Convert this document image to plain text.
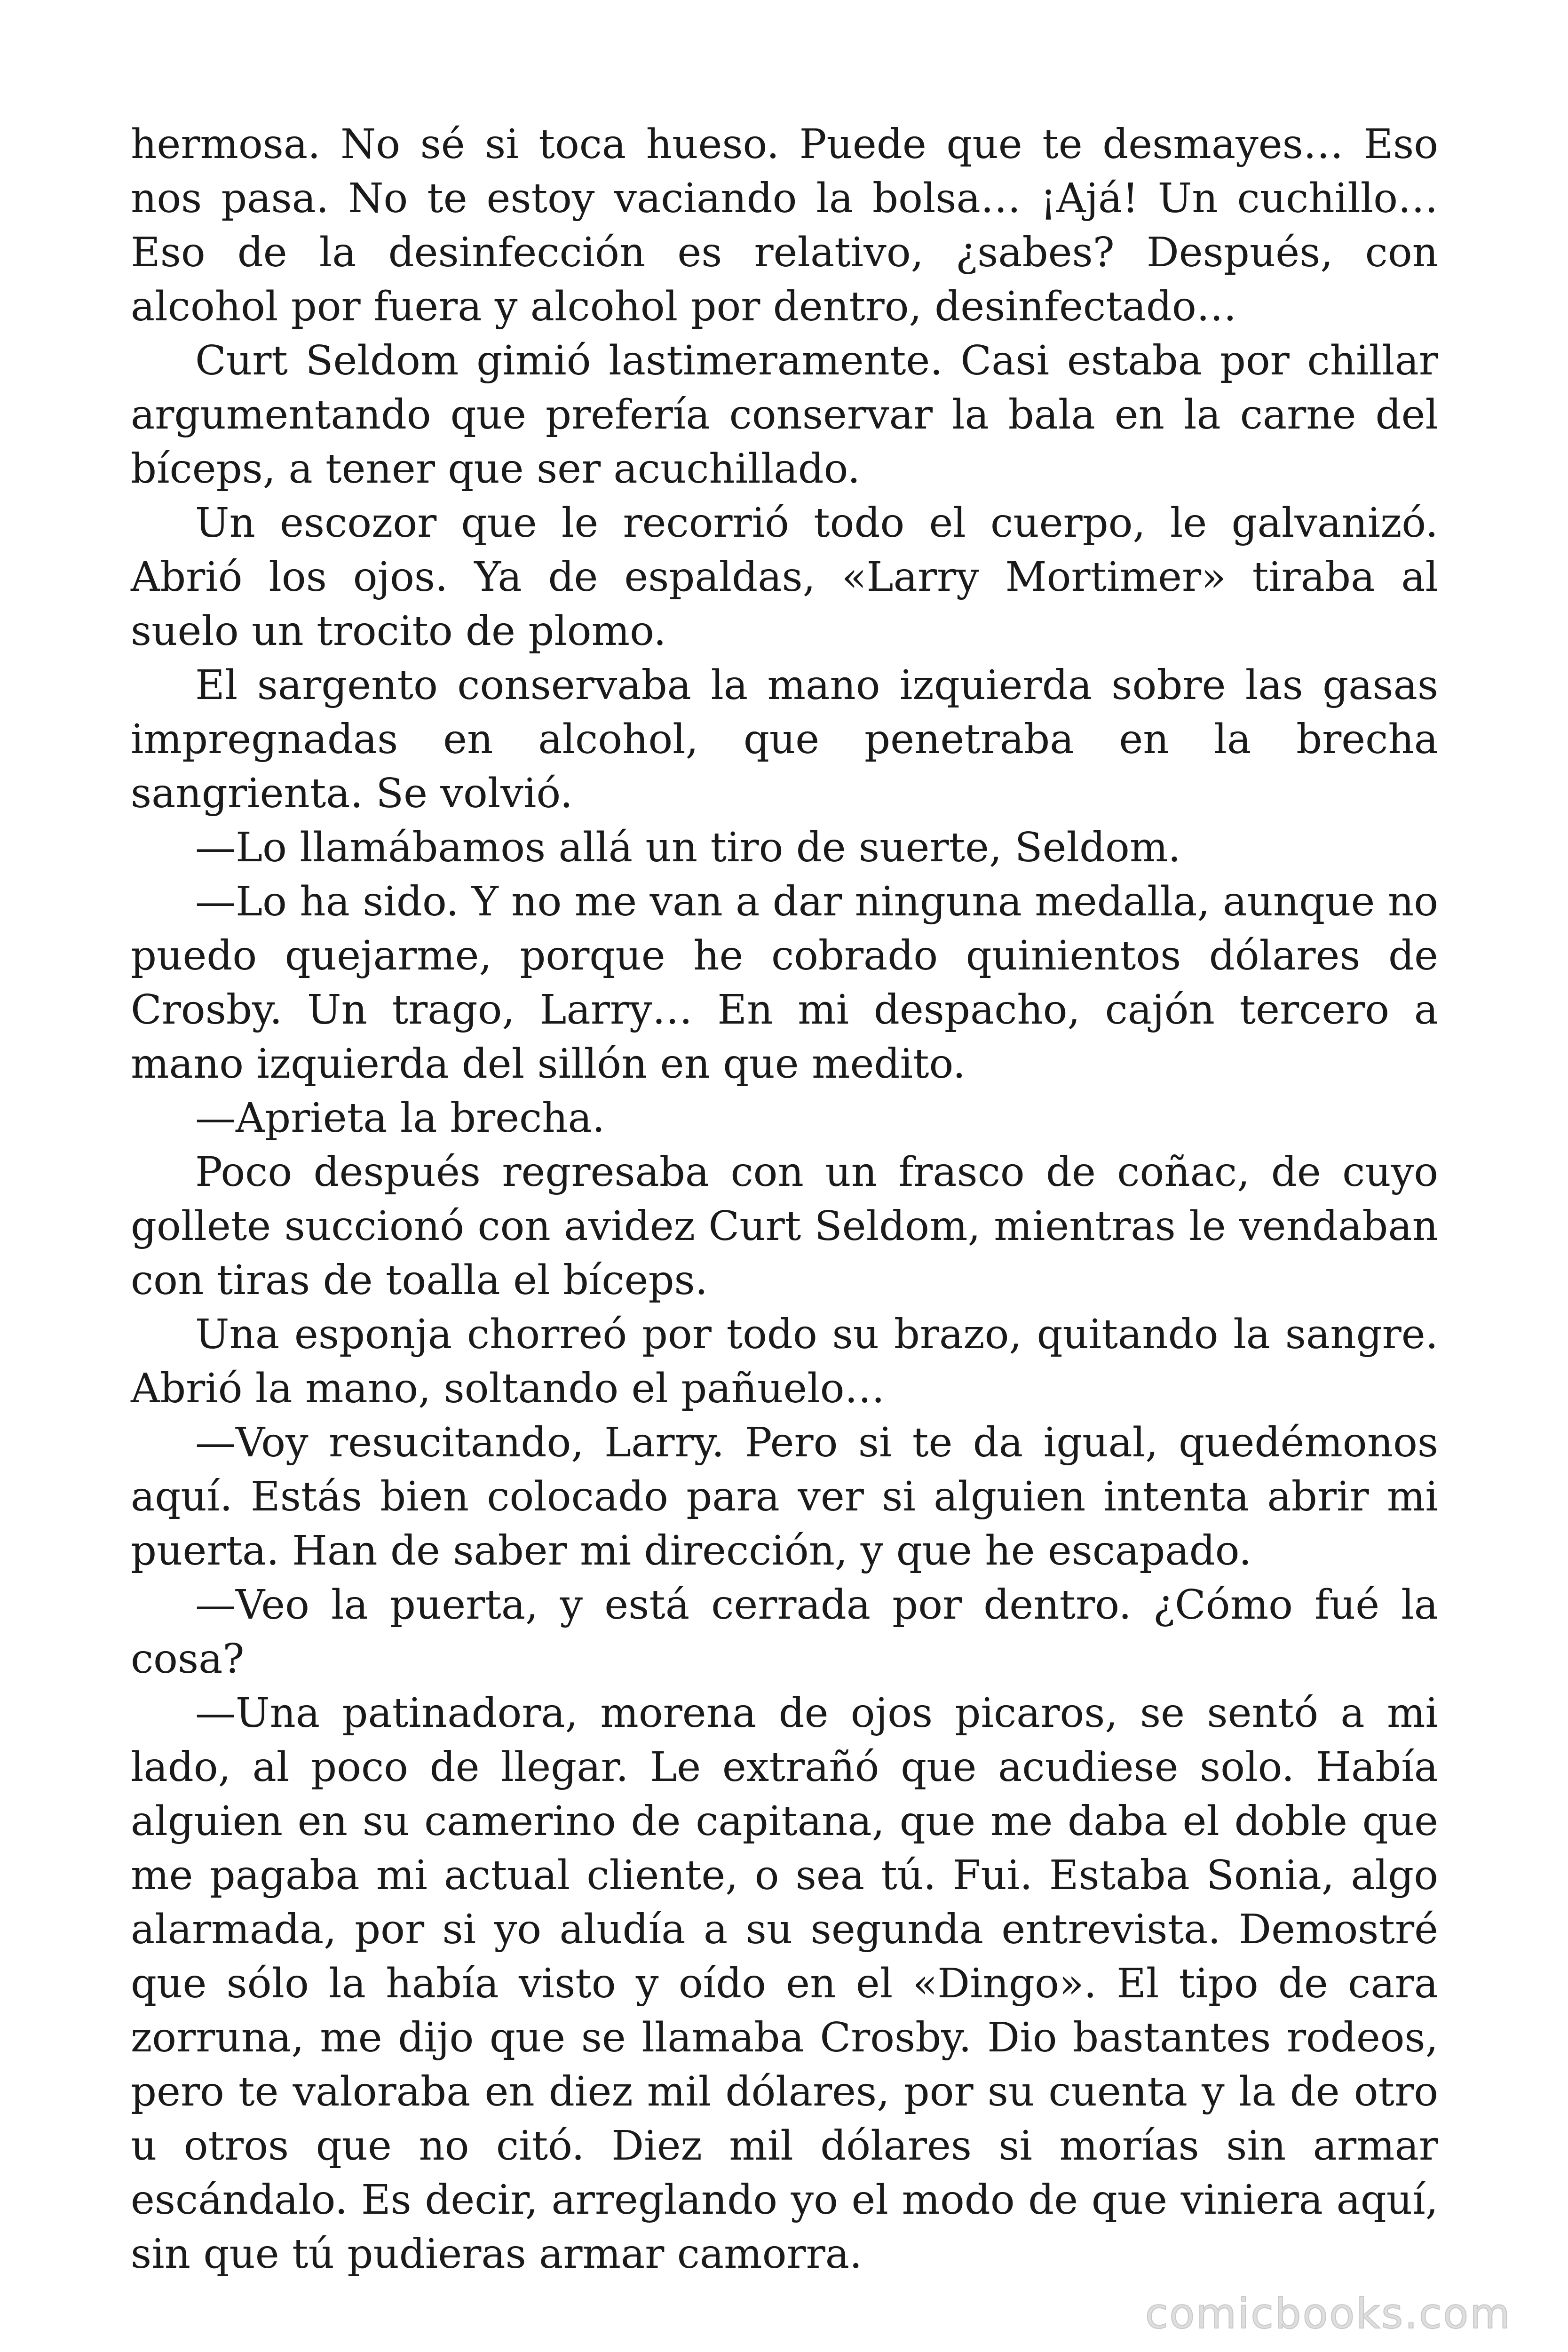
hermosa. No sé si toca hueso. Puede que te desmayes… Eso nos pasa. No te estoy vaciando la bolsa… ¡Ajá! Un cuchillo… Eso de la desinfección es relativo, ¿sabes? Después, con alcohol por fuera y alcohol por dentro, desinfectado…

Curt Seldom gimió lastimeramente. Casi estaba por chillar argumentando que prefería conservar la bala en la carne del bíceps, a tener que ser acuchillado.

Un escozor que le recorrió todo el cuerpo, le galvanizó. Abrió los ojos. Ya de espaldas, «Larry Mortimer» tiraba al suelo un trocito de plomo.

El sargento conservaba la mano izquierda sobre las gasas impregnadas en alcohol, que penetraba en la brecha sangrienta. Se volvió.

—Lo llamábamos allá un tiro de suerte, Seldom.

—Lo ha sido. Y no me van a dar ninguna medalla, aunque no puedo quejarme, porque he cobrado quinientos dólares de Crosby. Un trago, Larry… En mi despacho, cajón tercero a mano izquierda del sillón en que medito.

—Aprieta la brecha.

Poco después regresaba con un frasco de coñac, de cuyo gollete succionó con avidez Curt Seldom, mientras le vendaban con tiras de toalla el bíceps.

Una esponja chorreó por todo su brazo, quitando la sangre. Abrió la mano, soltando el pañuelo…

—Voy resucitando, Larry. Pero si te da igual, quedémonos aquí. Estás bien colocado para ver si alguien intenta abrir mi puerta. Han de saber mi dirección, y que he escapado.

—Veo la puerta, y está cerrada por dentro. ¿Cómo fué la cosa?

—Una patinadora, morena de ojos picaros, se sentó a mi lado, al poco de llegar. Le extrañó que acudiese solo. Había alguien en su camerino de capitana, que me daba el doble que me pagaba mi actual cliente, o sea tú. Fui. Estaba Sonia, algo alarmada, por si yo aludía a su segunda entrevista. Demostré que sólo la había visto y oído en el «Dingo». El tipo de cara zorruna, me dijo que se llamaba Crosby. Dio bastantes rodeos, pero te valoraba en diez mil dólares, por su cuenta y la de otro u otros que no citó. Diez mil dólares si morías sin armar escándalo. Es decir, arreglando yo el modo de que viniera aquí, sin que tú pudieras armar camorra.

comicbooks.com
